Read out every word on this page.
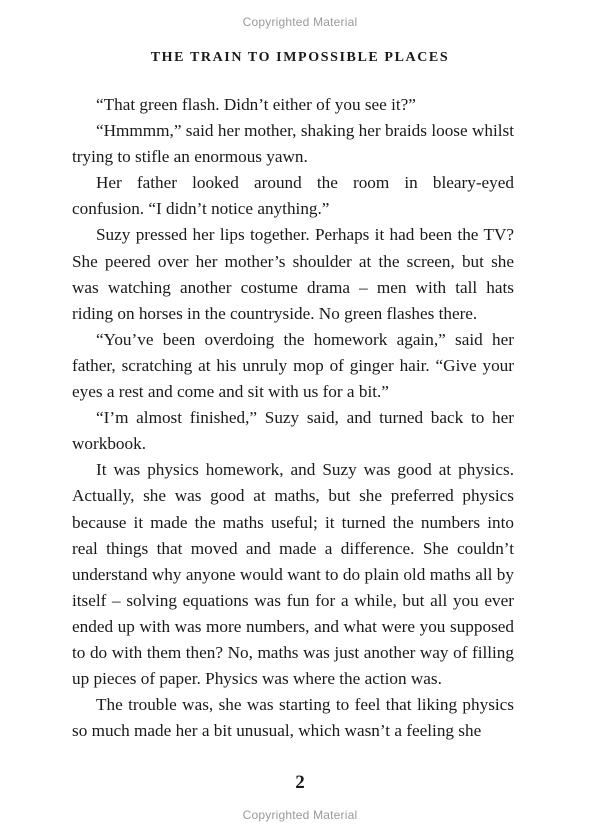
Copyrighted Material
THE TRAIN TO IMPOSSIBLE PLACES

“That green flash. Didn’t either of you see it?”

“Hmmmm,” said her mother, shaking her braids loose whilst trying to stifle an enormous yawn.

Her father looked around the room in bleary-eyed confusion. “I didn’t notice anything.”

Suzy pressed her lips together. Perhaps it had been the TV? She peered over her mother’s shoulder at the screen, but she was watching another costume drama – men with tall hats riding on horses in the countryside. No green flashes there.

“You’ve been overdoing the homework again,” said her father, scratching at his unruly mop of ginger hair. “Give your eyes a rest and come and sit with us for a bit.”

“I’m almost finished,” Suzy said, and turned back to her workbook.

It was physics homework, and Suzy was good at physics. Actually, she was good at maths, but she preferred physics because it made the maths useful; it turned the numbers into real things that moved and made a difference. She couldn’t understand why anyone would want to do plain old maths all by itself – solving equations was fun for a while, but all you ever ended up with was more numbers, and what were you supposed to do with them then? No, maths was just another way of filling up pieces of paper. Physics was where the action was.

The trouble was, she was starting to feel that liking physics so much made her a bit unusual, which wasn’t a feeling she

2
Copyrighted Material
